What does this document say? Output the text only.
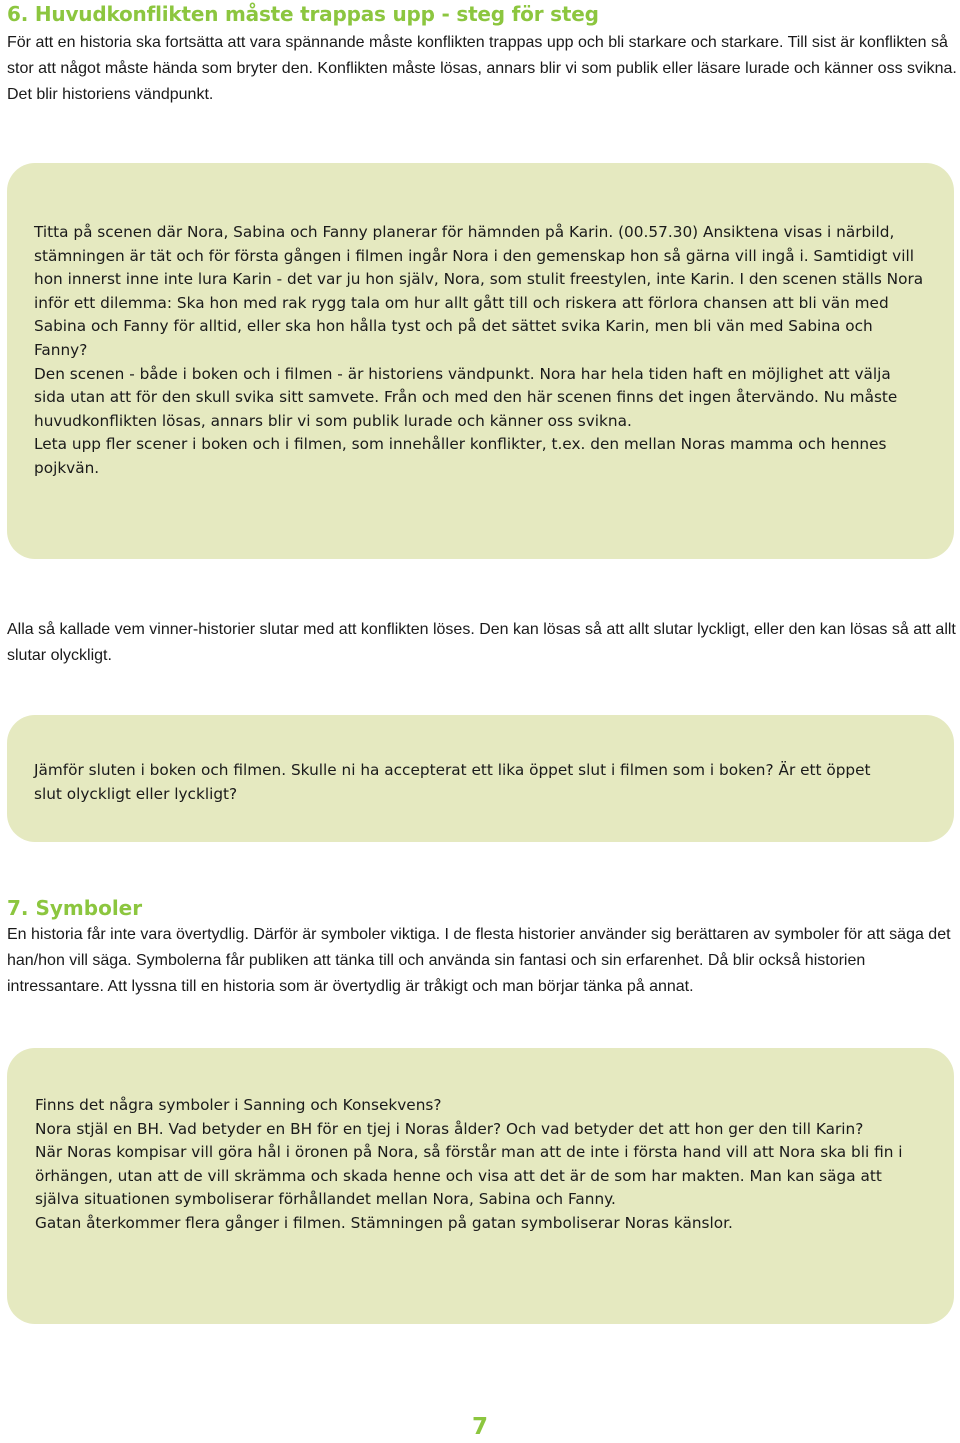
6. Huvudkonflikten måste trappas upp - steg för steg

För att en historia ska fortsätta att vara spännande måste konflikten trappas upp och bli starkare och starkare. Till sist är konflikten så stor att något måste hända som bryter den. Konflikten måste lösas, annars blir vi som publik eller läsare lurade och känner oss svikna. Det blir historiens vändpunkt.

Titta på scenen där Nora, Sabina och Fanny planerar för hämnden på Karin. (00.57.30) Ansiktena visas i närbild, stämningen är tät och för första gången i filmen ingår Nora i den gemenskap hon så gärna vill ingå i. Samtidigt vill hon innerst inne inte lura Karin - det var ju hon själv, Nora, som stulit freestylen, inte Karin. I den scenen ställs Nora inför ett dilemma: Ska hon med rak rygg tala om hur allt gått till och riskera att förlora chansen att bli vän med Sabina och Fanny för alltid, eller ska hon hålla tyst och på det sättet svika Karin, men bli vän med Sabina och Fanny?

Den scenen - både i boken och i filmen - är historiens vändpunkt. Nora har hela tiden haft en möjlighet att välja sida utan att för den skull svika sitt samvete. Från och med den här scenen finns det ingen återvändo. Nu måste huvudkonflikten lösas, annars blir vi som publik lurade och känner oss svikna.

Leta upp fler scener i boken och i filmen, som innehåller konflikter, t.ex. den mellan Noras mamma och hennes pojkvän.

Alla så kallade vem vinner-historier slutar med att konflikten löses. Den kan lösas så att allt slutar lyckligt, eller den kan lösas så att allt slutar olyckligt.

Jämför sluten i boken och filmen. Skulle ni ha accepterat ett lika öppet slut i filmen som i boken? Är ett öppet slut olyckligt eller lyckligt?

7. Symboler

En historia får inte vara övertydlig. Därför är symboler viktiga. I de flesta historier använder sig berättaren av symboler för att säga det han/hon vill säga. Symbolerna får publiken att tänka till och använda sin fantasi och sin erfarenhet. Då blir också historien intressantare. Att lyssna till en historia som är övertydlig är tråkigt och man börjar tänka på annat.

Finns det några symboler i Sanning och Konsekvens?

Nora stjäl en BH. Vad betyder en BH för en tjej i Noras ålder? Och vad betyder det att hon ger den till Karin?

När Noras kompisar vill göra hål i öronen på Nora, så förstår man att de inte i första hand vill att Nora ska bli fin i örhängen, utan att de vill skrämma och skada henne och visa att det är de som har makten. Man kan säga att själva situationen symboliserar förhållandet mellan Nora, Sabina och Fanny.

Gatan återkommer flera gånger i filmen. Stämningen på gatan symboliserar Noras känslor.

7
